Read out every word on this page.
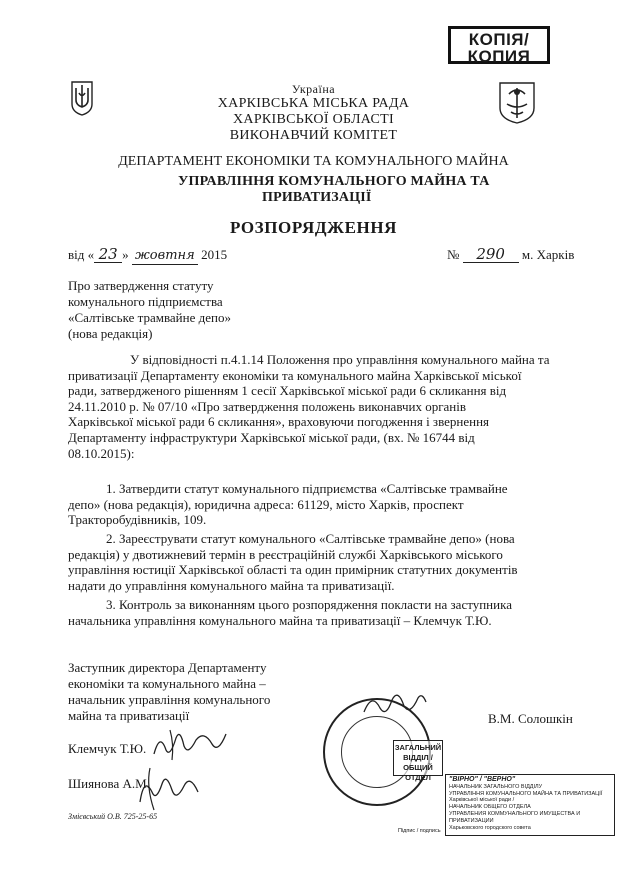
КОПІЯ/
КОПИЯ
Україна
ХАРКІВСЬКА МІСЬКА РАДА
ХАРКІВСЬКОЇ ОБЛАСТІ
ВИКОНАВЧИЙ КОМІТЕТ
ДЕПАРТАМЕНТ ЕКОНОМІКИ ТА КОМУНАЛЬНОГО МАЙНА
УПРАВЛІННЯ КОМУНАЛЬНОГО МАЙНА ТА
ПРИВАТИЗАЦІЇ
РОЗПОРЯДЖЕННЯ
від « 23 » жовтня 2015	№ 290 м. Харків
Про затвердження статуту
комунального підприємства
«Салтівське трамвайне депо»
(нова редакція)
У відповідності п.4.1.14 Положення про управління комунального майна та
приватизації Департаменту економіки та комунального майна Харківської міської
ради, затвердженого рішенням 1 сесії Харківської міської ради 6 скликання від
24.11.2010 р. № 07/10 «Про затвердження положень виконавчих органів
Харківської міської ради 6 скликання», враховуючи погодження і звернення
Департаменту інфраструктури Харківської міської ради, (вх. № 16744 від
08.10.2015):
1. Затвердити статут комунального підприємства «Салтівське трамвайне
депо» (нова редакція), юридична адреса: 61129, місто Харків, проспект
Тракторобудівників, 109.
2. Зареєструвати статут комунального «Салтівське трамвайне депо» (нова
редакція) у двотижневий термін в реєстраційній службі Харківського міського
управління юстиції Харківської області та один примірник статутних документів
надати до управління комунального майна та приватизації.
3. Контроль за виконанням цього розпорядження покласти на заступника
начальника управління комунального майна та приватизації – Клемчук Т.Ю.
Заступник директора Департаменту
економіки та комунального майна –
начальник управління комунального
майна та приватизації
ЗАГАЛЬНИЙ
ВІДДІЛ /
ОБЩИЙ ОТДЕЛ
В.М. Солошкін
Клемчук Т.Ю.
Шиянова А.М.
Змієвський О.В. 725-25-65
"ВІРНО" / "ВЕРНО"
НАЧАЛЬНИК ЗАГАЛЬНОГО ВІДДІЛУ
УПРАВЛІННЯ КОМУНАЛЬНОГО МАЙНА ТА ПРИВАТИЗАЦІЇ
Харківської міської ради /
НАЧАЛЬНИК ОБЩЕГО ОТДЕЛА
УПРАВЛЕНИЯ КОММУНАЛЬНОГО ИМУЩЕСТВА И ПРИВАТИЗАЦИИ
Харьковского городского совета
Підпис / подпись
